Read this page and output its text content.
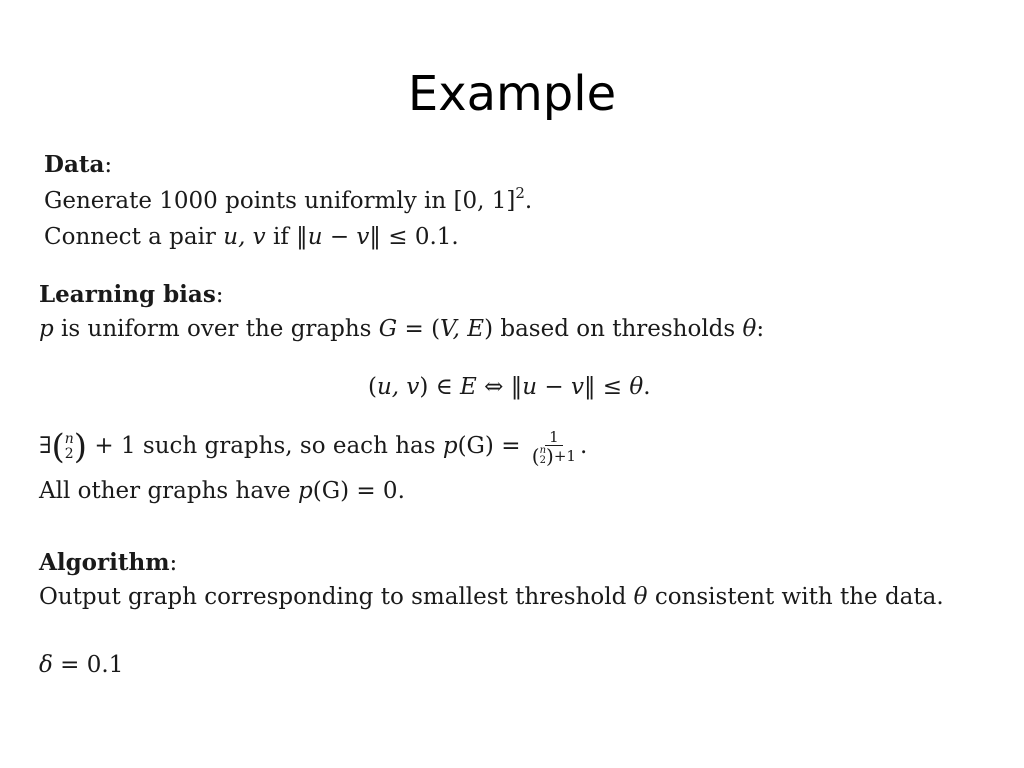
Example
Data:
Generate 1000 points uniformly in [0, 1]$^2$.
Connect a pair u, v if ‖u − v‖ ≤ 0.1.
Learning bias:
p is uniform over the graphs G = (V, E) based on thresholds θ:
(u, v) ∈ E ⇔ ‖u − v‖ ≤ θ.
∃ ( n
2 ) + 1 such graphs, so each has p(G) = 1
( n
2 ) +1 .
All other graphs have p(G) = 0.
Algorithm:
Output graph corresponding to smallest threshold θ consistent with the data.
δ = 0.1
